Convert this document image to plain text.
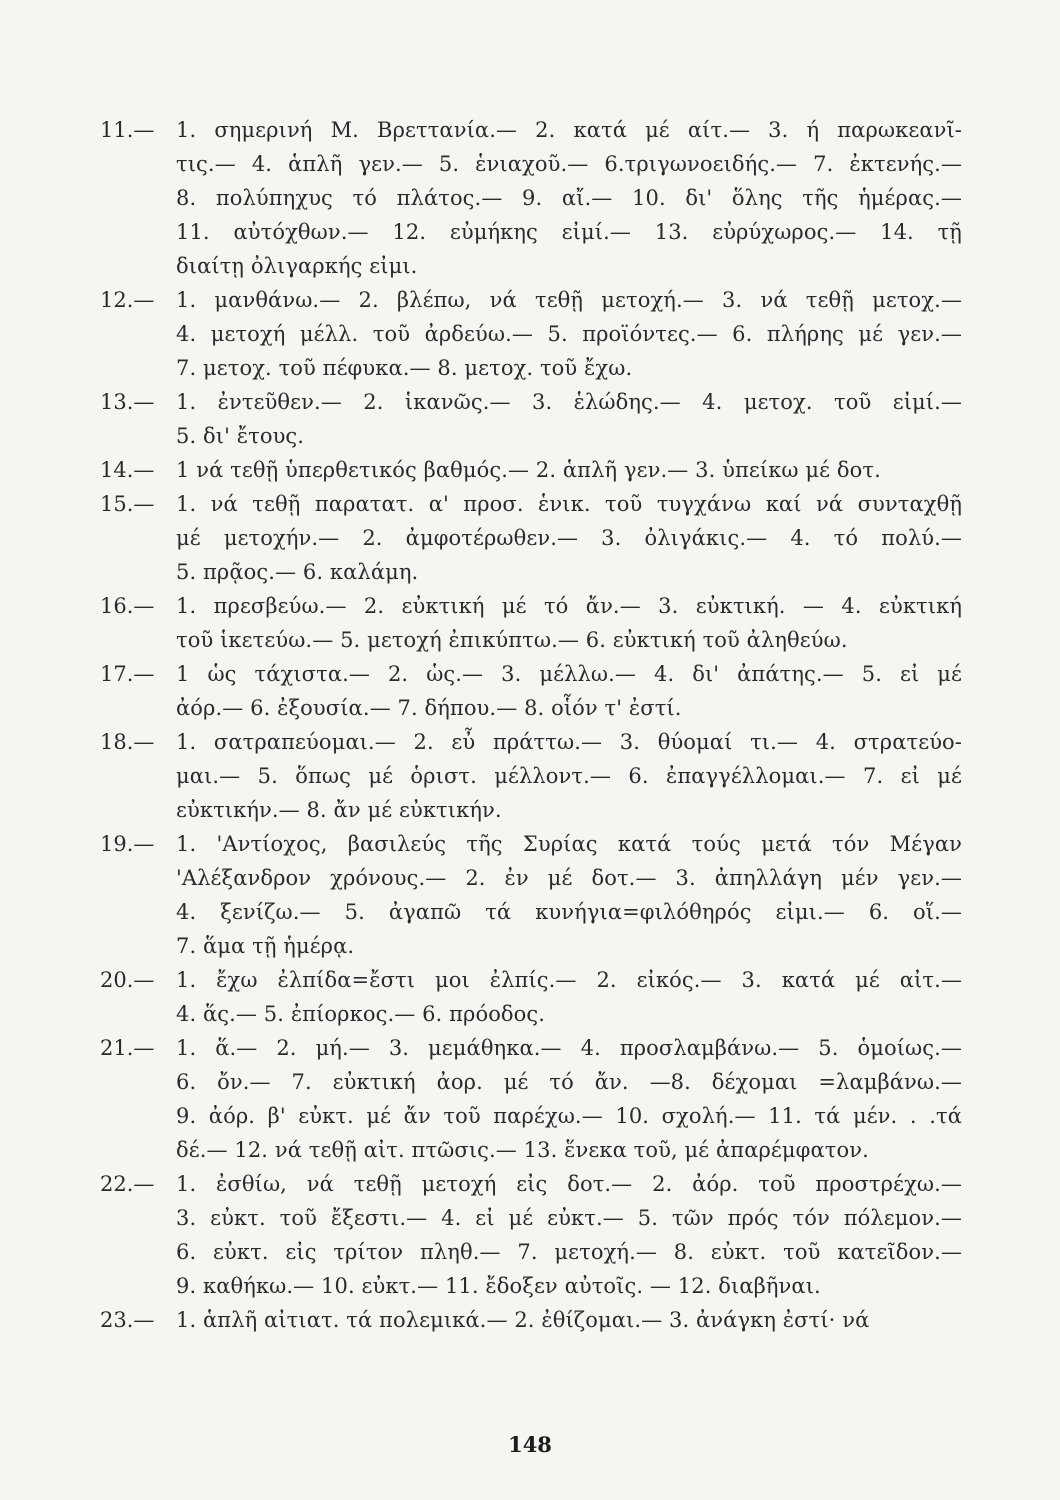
11.— 1. σημερινή Μ. Βρεττανία.— 2. κατά μέ αίτ.— 3. ή παρωκεανῖ-
τις.— 4. ἁπλῆ γεν.— 5. ἑνιαχοῦ.— 6.τριγωνοειδής.— 7. ἐκτενής.—
8. πολύπηχυς τό πλάτος.— 9. αἴ.— 10. δι' ὅλης τῆς ἡμέρας.—
11. αὐτόχθων.— 12. εὐμήκης εἰμί.— 13. εὐρύχωρος.— 14. τῇ
διαίτῃ ὀλιγαρκής εἰμι.
12.— 1. μανθάνω.— 2. βλέπω, νά τεθῇ μετοχή.— 3. νά τεθῇ μετοχ.—
4. μετοχή μέλλ. τοῦ ἀρδεύω.— 5. προϊόντες.— 6. πλήρης μέ γεν.—
7. μετοχ. τοῦ πέφυκα.— 8. μετοχ. τοῦ ἔχω.
13.— 1. ἐντεῦθεν.— 2. ἱκανῶς.— 3. ἑλώδης.— 4. μετοχ. τοῦ εἰμί.—
5. δι' ἔτους.
14.— 1 νά τεθῇ ὑπερθετικός βαθμός.— 2. ἁπλῆ γεν.— 3. ὑπείκω μέ δοτ.
15.— 1. νά τεθῇ παρατατ. α' προσ. ἑνικ. τοῦ τυγχάνω καί νά συνταχθῇ
μέ μετοχήν.— 2. ἀμφοτέρωθεν.— 3. ὀλιγάκις.— 4. τό πολύ.—
5. πρᾷος.— 6. καλάμη.
16.— 1. πρεσβεύω.— 2. εὐκτική μέ τό ἄν.— 3. εὐκτική. — 4. εὐκτική
τοῦ ἱκετεύω.— 5. μετοχή ἐπικύπτω.— 6. εὐκτική τοῦ ἀληθεύω.
17.— 1 ὡς τάχιστα.— 2. ὡς.— 3. μέλλω.— 4. δι' ἀπάτης.— 5. εἰ μέ
ἀόρ.— 6. ἐξουσία.— 7. δήπου.— 8. οἷόν τ' ἐστί.
18.— 1. σατραπεύομαι.— 2. εὖ πράττω.— 3. θύομαί τι.— 4. στρατεύο-
μαι.— 5. ὅπως μέ ὁριστ. μέλλοντ.— 6. ἐπαγγέλλομαι.— 7. εἰ μέ
εὐκτικήν.— 8. ἄν μέ εὐκτικήν.
19.— 1. 'Αντίοχος, βασιλεύς τῆς Συρίας κατά τούς μετά τόν Μέγαν
'Αλέξανδρον χρόνους.— 2. ἐν μέ δοτ.— 3. ἀπηλλάγη μέν γεν.—
4. ξενίζω.— 5. ἀγαπῶ τά κυνήγια=φιλόθηρός εἰμι.— 6. οἵ.—
7. ἅμα τῇ ἡμέρᾳ.
20.— 1. ἔχω ἐλπίδα=ἔστι μοι ἐλπίς.— 2. εἰκός.— 3. κατά μέ αἰτ.—
4. ἅς.— 5. ἐπίορκος.— 6. πρόοδος.
21.— 1. ἅ.— 2. μή.— 3. μεμάθηκα.— 4. προσλαμβάνω.— 5. ὁμοίως.—
6. ὄν.— 7. εὐκτική ἀορ. μέ τό ἄν. —8. δέχομαι =λαμβάνω.—
9. ἀόρ. β' εὐκτ. μέ ἄν τοῦ παρέχω.— 10. σχολή.— 11. τά μέν. . .τά
δέ.— 12. νά τεθῇ αἰτ. πτῶσις.— 13. ἕνεκα τοῦ, μέ ἀπαρέμφατον.
22.— 1. ἐσθίω, νά τεθῇ μετοχή εἰς δοτ.— 2. ἀόρ. τοῦ προστρέχω.—
3. εὐκτ. τοῦ ἔξεστι.— 4. εἰ μέ εὐκτ.— 5. τῶν πρός τόν πόλεμον.—
6. εὐκτ. εἰς τρίτον πληθ.— 7. μετοχή.— 8. εὐκτ. τοῦ κατεῖδον.—
9. καθήκω.— 10. εὐκτ.— 11. ἔδοξεν αὐτοῖς. — 12. διαβῆναι.
23.— 1. ἁπλῆ αἰτιατ. τά πολεμικά.— 2. ἐθίζομαι.— 3. ἀνάγκη ἐστί· νά
148
